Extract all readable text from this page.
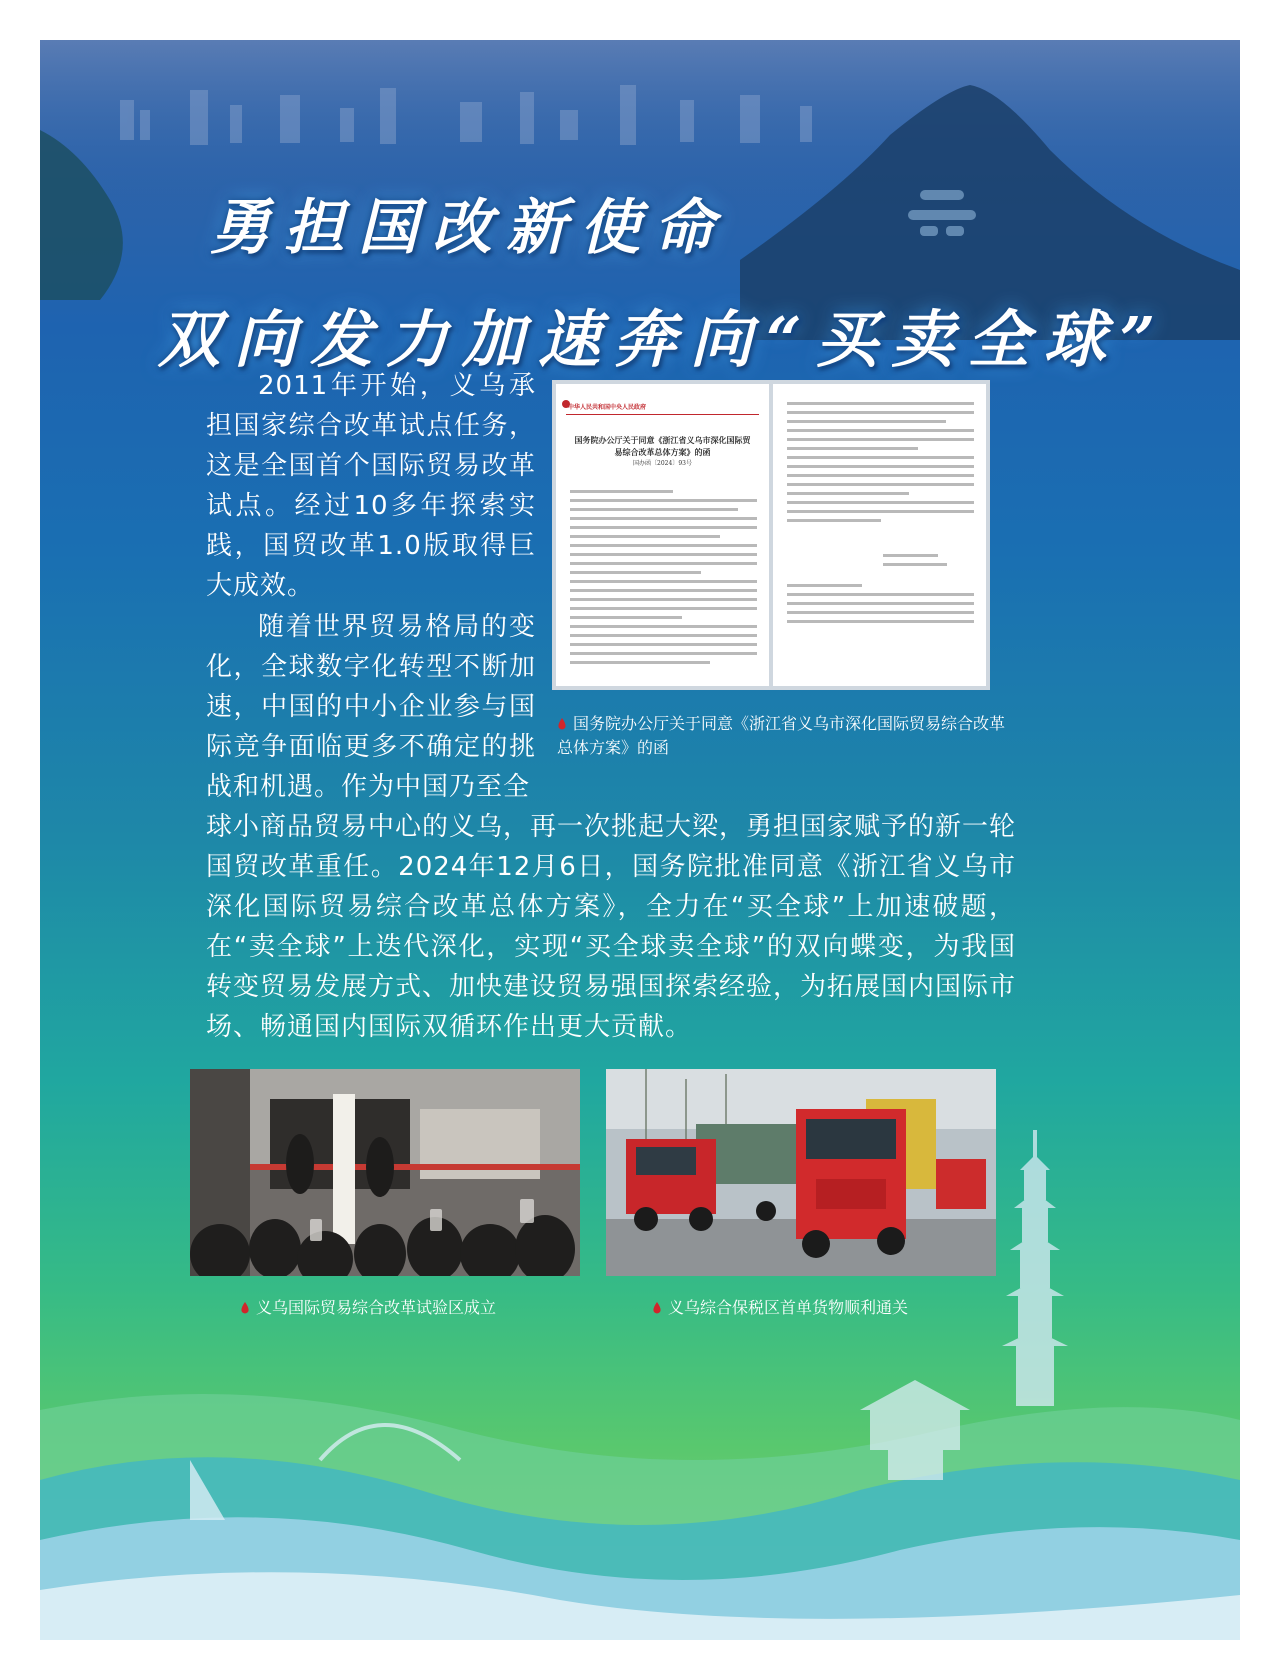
勇担国改新使命
双向发力加速奔向“买卖全球”

2011年开始，义乌承担国家综合改革试点任务，这是全国首个国际贸易改革试点。经过10多年探索实践，国贸改革1.0版取得巨大成效。

随着世界贸易格局的变化，全球数字化转型不断加速，中国的中小企业参与国际竞争面临更多不确定的挑战和机遇。作为中国乃至全

球小商品贸易中心的义乌，再一次挑起大梁，勇担国家赋予的新一轮国贸改革重任。2024年12月6日，国务院批准同意《浙江省义乌市深化国际贸易综合改革总体方案》，全力在“买全球”上加速破题，在“卖全球”上迭代深化，实现“买全球卖全球”的双向蝶变，为我国转变贸易发展方式、加快建设贸易强国探索经验，为拓展国内国际市场、畅通国内国际双循环作出更大贡献。

中华人民共和国中央人民政府
国务院办公厅关于同意《浙江省义乌市深化国际贸易综合改革总体方案》的函
国办函〔2024〕93号
国务院办公厅关于同意《浙江省义乌市深化国际贸易综合改革总体方案》的函
义乌国际贸易综合改革试验区成立	义乌综合保税区首单货物顺利通关
